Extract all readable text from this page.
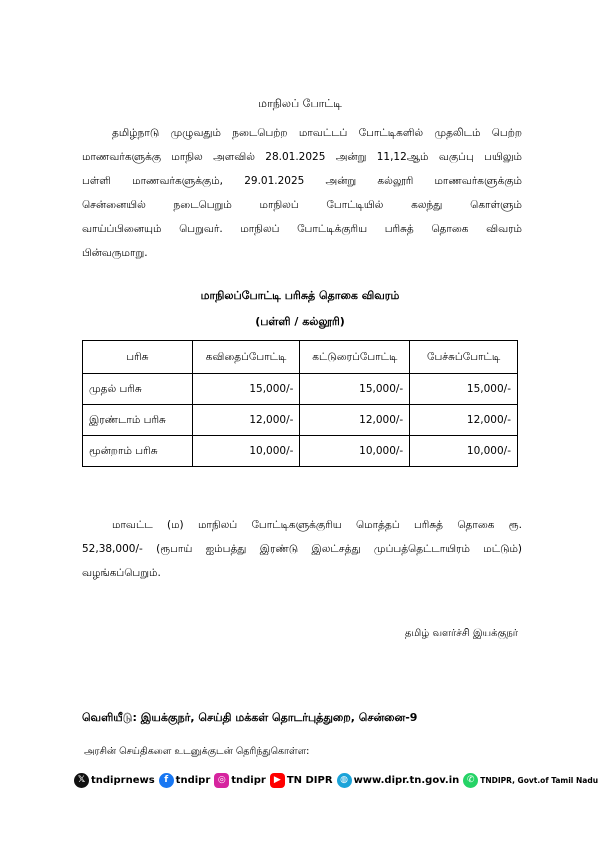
மாநிலப் போட்டி
தமிழ்நாடு முழுவதும் நடைபெற்ற மாவட்டப் போட்டிகளில் முதலிடம் பெற்ற
மாணவர்களுக்கு மாநில அளவில் 28.01.2025 அன்று 11,12ஆம் வகுப்பு பயிலும்
பள்ளி மாணவர்களுக்கும், 29.01.2025 அன்று கல்லூரி மாணவர்களுக்கும்
சென்னையில் நடைபெறும் மாநிலப் போட்டியில் கலந்து கொள்ளும்
வாய்ப்பினையும் பெறுவர். மாநிலப் போட்டிக்குரிய பரிசுத் தொகை விவரம்
பின்வருமாறு.
மாநிலப்போட்டி பரிசுத் தொகை விவரம்
(பள்ளி / கல்லூரி)
பரிசு	கவிதைப்போட்டி	கட்டுரைப்போட்டி	பேச்சுப்போட்டி
முதல் பரிசு	15,000/-	15,000/-	15,000/-
இரண்டாம் பரிசு	12,000/-	12,000/-	12,000/-
மூன்றாம் பரிசு	10,000/-	10,000/-	10,000/-
மாவட்ட (ம) மாநிலப் போட்டிகளுக்குரிய மொத்தப் பரிசுத் தொகை ரூ.
52,38,000/- (ரூபாய் ஐம்பத்து இரண்டு இலட்சத்து முப்பத்தெட்டாயிரம் மட்டும்)
வழங்கப்பெறும்.
தமிழ் வளர்ச்சி இயக்குநர்
வெளியீடு: இயக்குநர், செய்தி மக்கள் தொடர்புத்துறை, சென்னை-9
அரசின் செய்திகளை உடனுக்குடன் தெரிந்துகொள்ள:
𝕏 tndiprnews	f tndipr ◎ tndipr ▶ TN DIPR ◍ www.dipr.tn.gov.in ✆ TNDIPR, Govt.of Tamil Nadu
